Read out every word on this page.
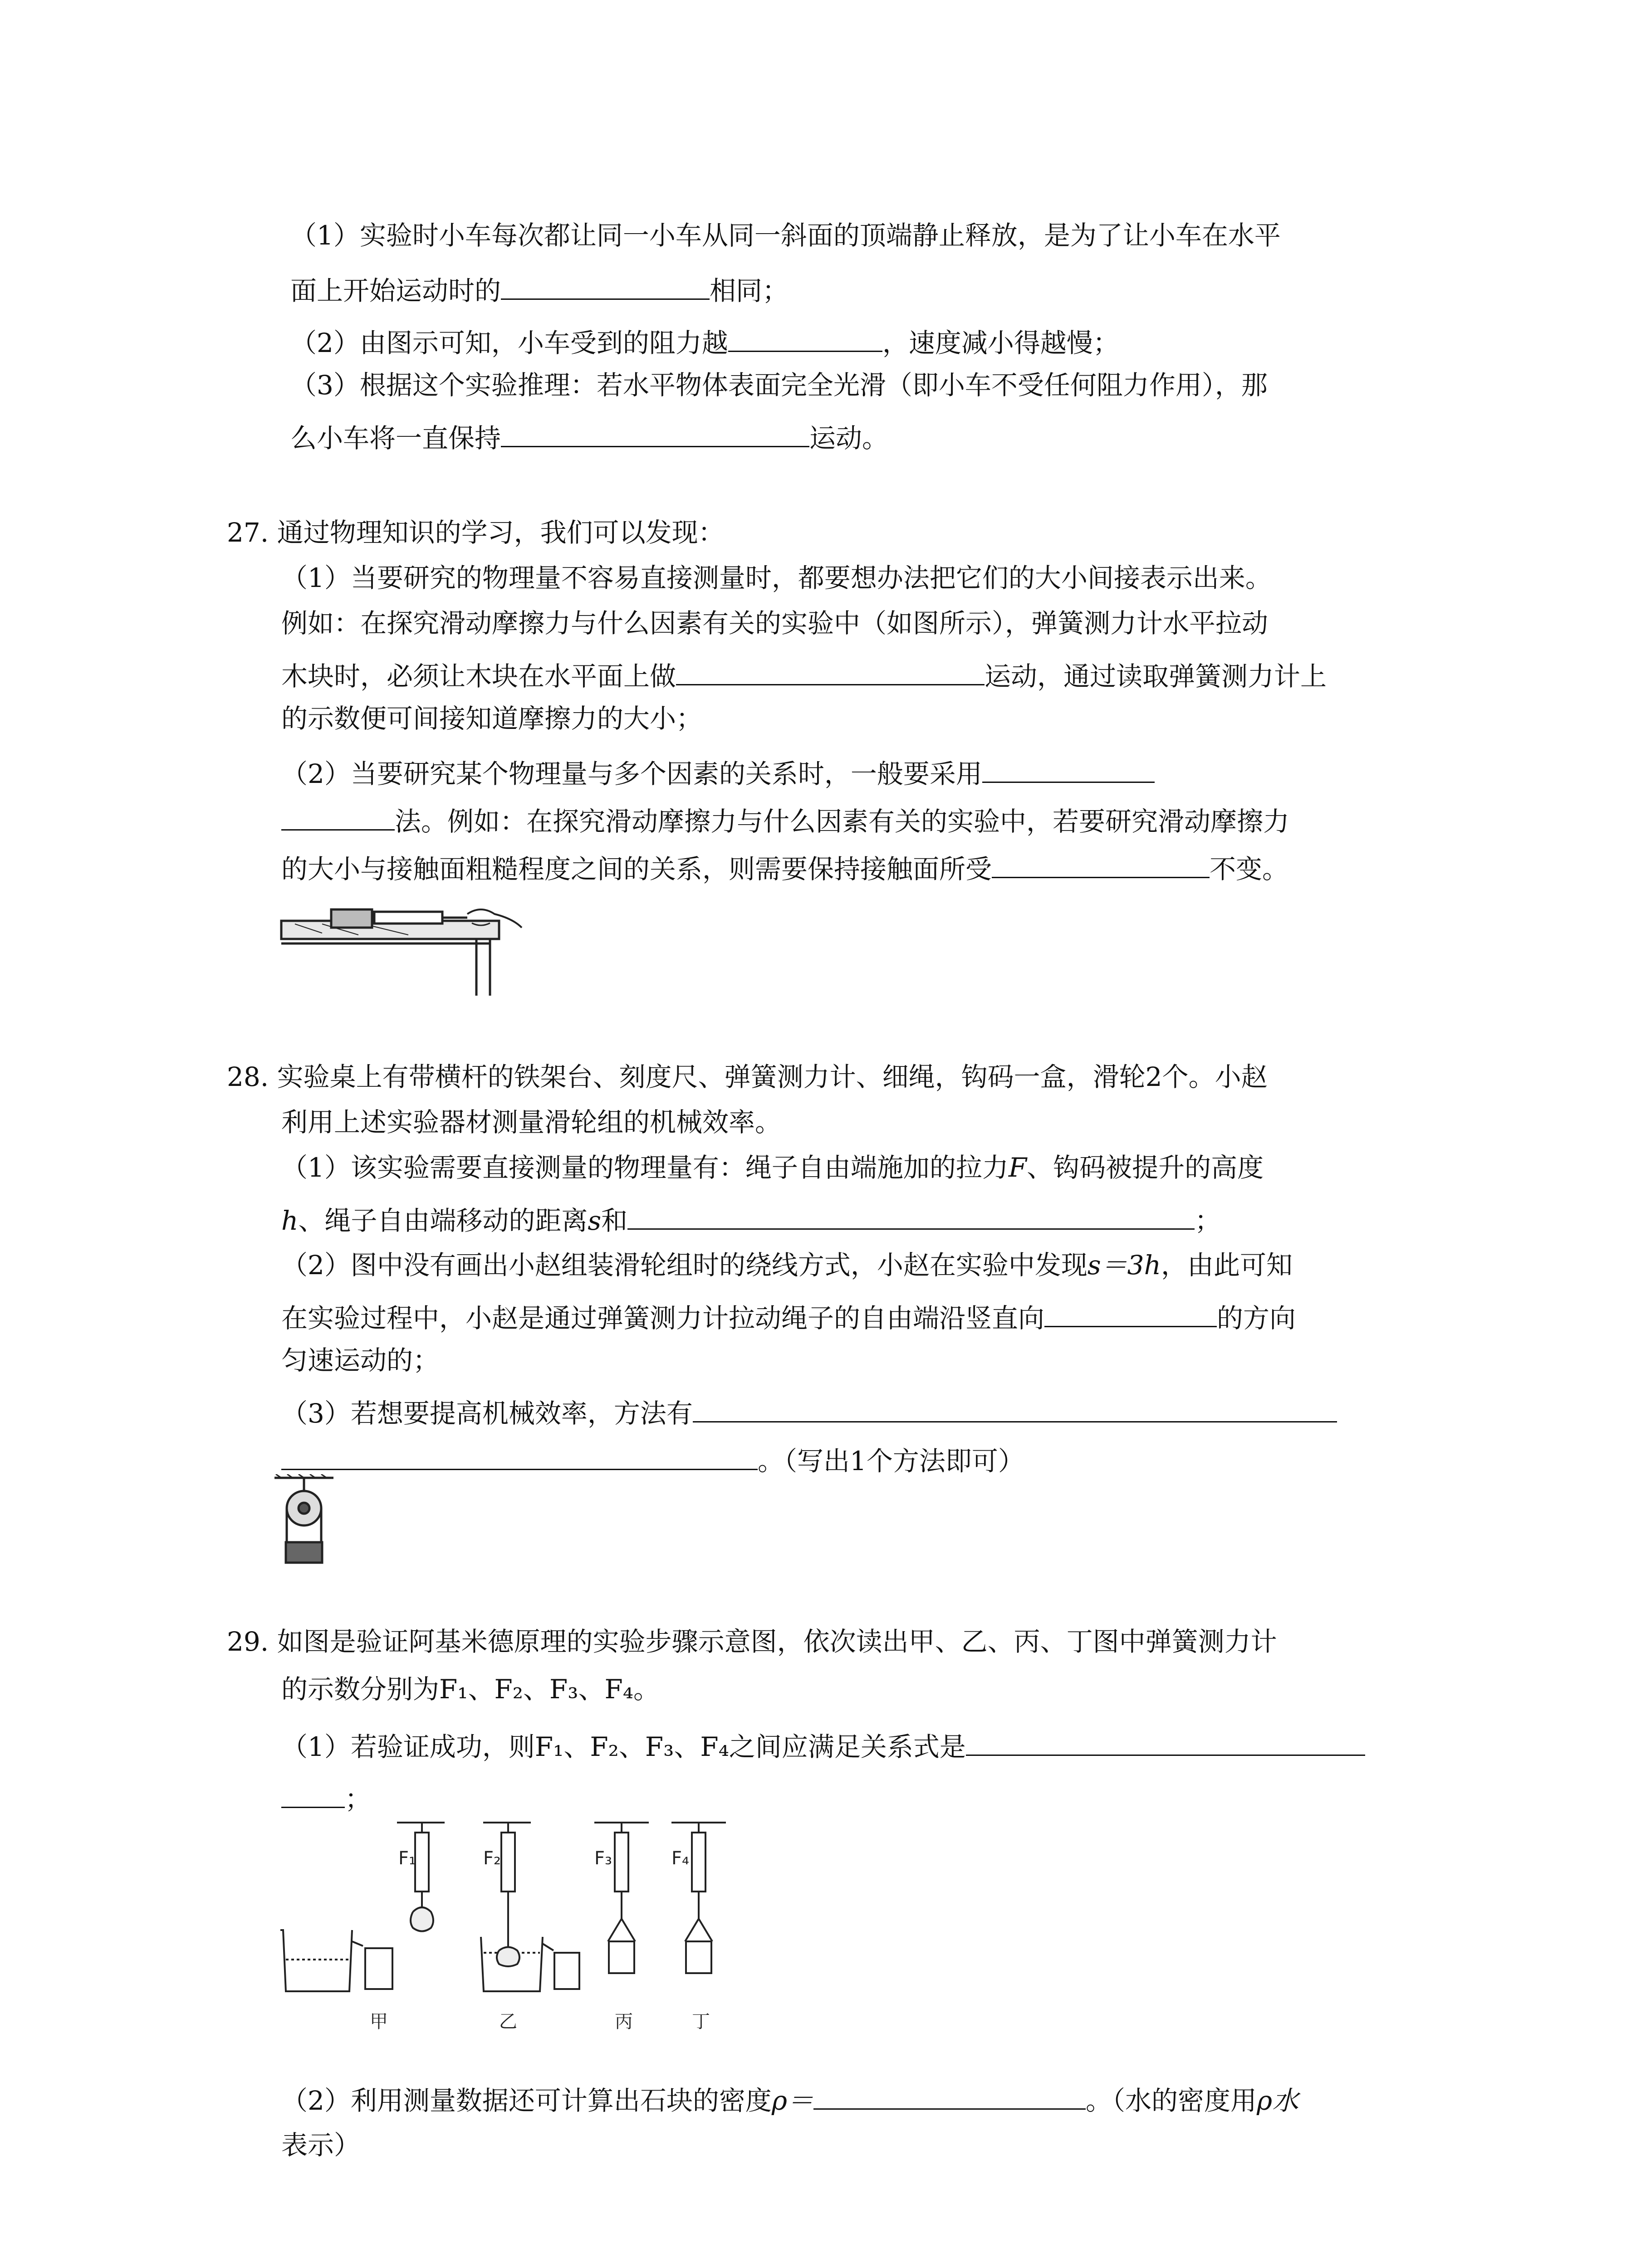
（1）实验时小车每次都让同一小车从同一斜面的顶端静止释放，是为了让小车在水平
面上开始运动时的	相同；
（2）由图示可知，小车受到的阻力越	，速度减小得越慢；
（3）根据这个实验推理：若水平物体表面完全光滑（即小车不受任何阻力作用），那
么小车将一直保持	运动。
27. 通过物理知识的学习，我们可以发现：
（1）当要研究的物理量不容易直接测量时，都要想办法把它们的大小间接表示出来。
例如：在探究滑动摩擦力与什么因素有关的实验中（如图所示），弹簧测力计水平拉动
木块时，必须让木块在水平面上做	运动，通过读取弹簧测力计上
的示数便可间接知道摩擦力的大小；
（2）当要研究某个物理量与多个因素的关系时，一般要采用
法。例如：在探究滑动摩擦力与什么因素有关的实验中，若要研究滑动摩擦力
的大小与接触面粗糙程度之间的关系，则需要保持接触面所受	不变。
28. 实验桌上有带横杆的铁架台、刻度尺、弹簧测力计、细绳，钩码一盒，滑轮2个。小赵
利用上述实验器材测量滑轮组的机械效率。
（1）该实验需要直接测量的物理量有：绳子自由端施加的拉力F、钩码被提升的高度
h、绳子自由端移动的距离s和	；
（2）图中没有画出小赵组装滑轮组时的绕线方式，小赵在实验中发现s＝3h，由此可知
在实验过程中，小赵是通过弹簧测力计拉动绳子的自由端沿竖直向	的方向
匀速运动的；
（3）若想要提高机械效率，方法有
。（写出1个方法即可）
29. 如图是验证阿基米德原理的实验步骤示意图，依次读出甲、乙、丙、丁图中弹簧测力计
的示数分别为F₁、F₂、F₃、F₄。
（1）若验证成功，则F₁、F₂、F₃、F₄之间应满足关系式是
；
F₁	F₂	F₃	F₄
甲	乙	丙	丁
（2）利用测量数据还可计算出石块的密度ρ＝	。（水的密度用ρ水
表示）
